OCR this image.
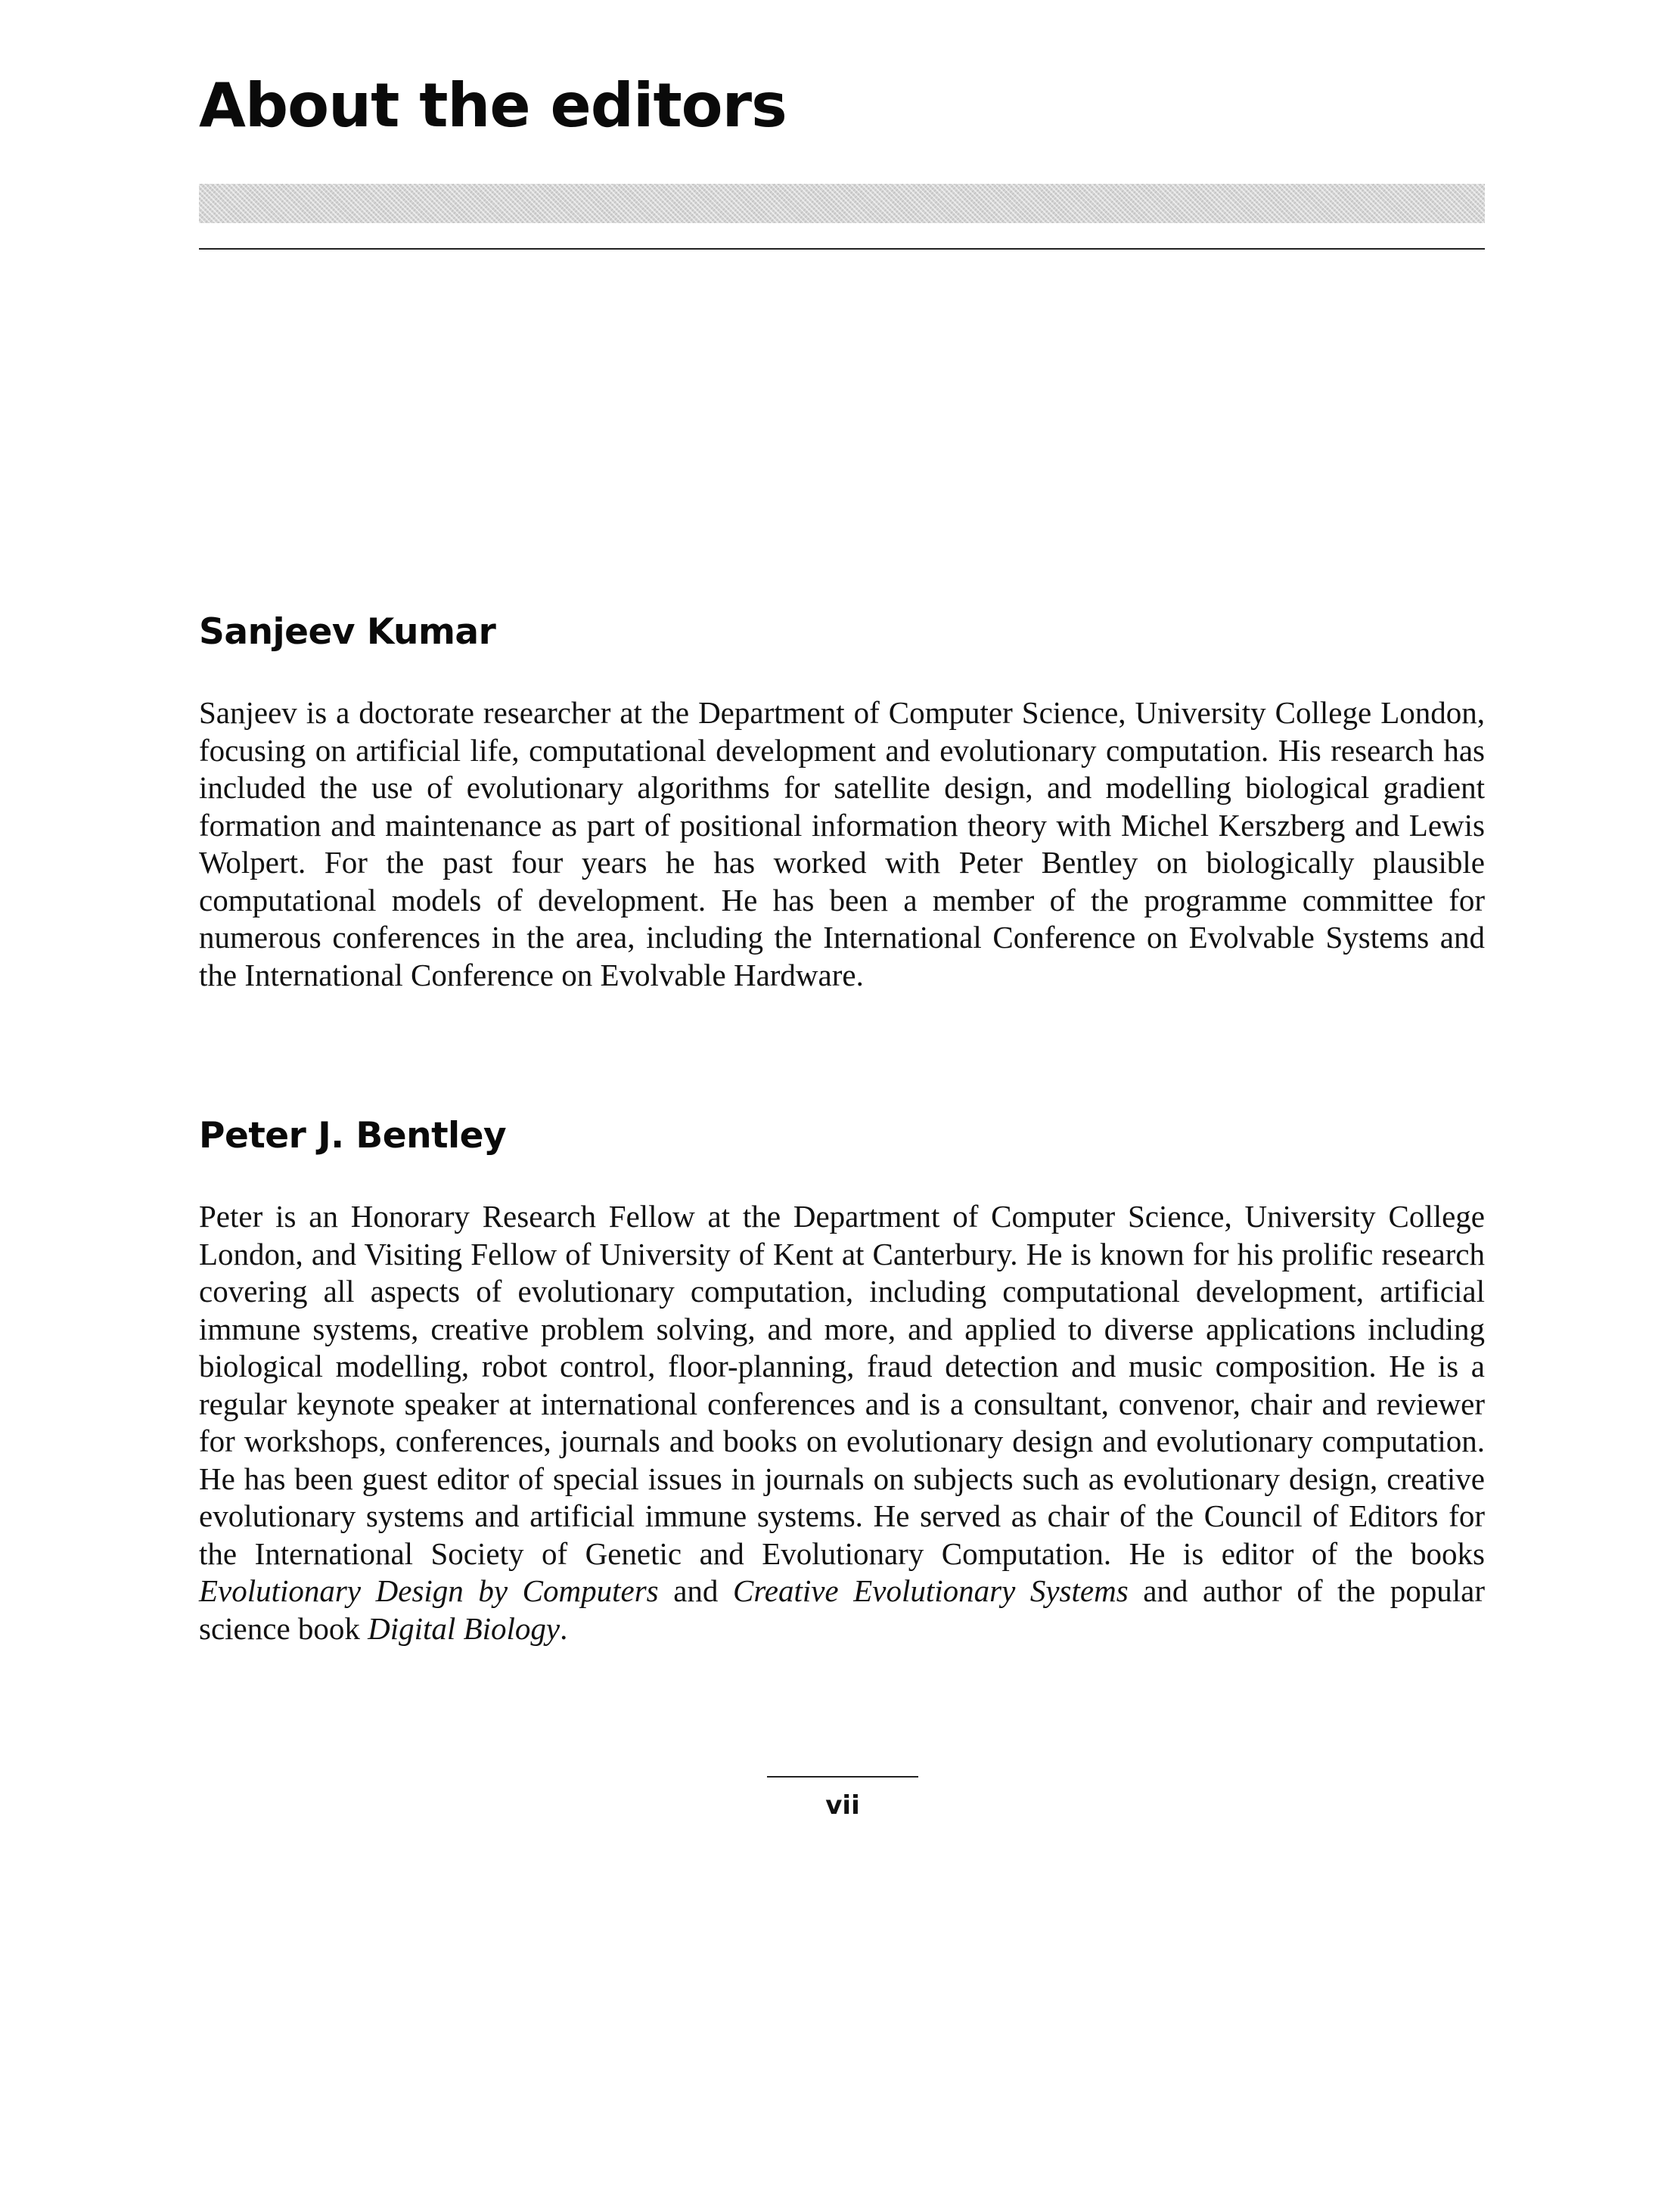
About the editors
Sanjeev Kumar

Sanjeev is a doctorate researcher at the Department of Computer Science, University College London, focusing on artificial life, computational development and evolutionary computation. His research has included the use of evolutionary algorithms for satellite design, and modelling biological gradient formation and maintenance as part of positional information theory with Michel Kerszberg and Lewis Wolpert. For the past four years he has worked with Peter Bentley on biologically plausible computational models of development. He has been a member of the programme committee for numerous conferences in the area, including the International Conference on Evolvable Systems and the International Conference on Evolvable Hardware.

Peter J. Bentley

Peter is an Honorary Research Fellow at the Department of Computer Science, University College London, and Visiting Fellow of University of Kent at Canterbury. He is known for his prolific research covering all aspects of evolutionary computation, including computational development, artificial immune systems, creative problem solving, and more, and applied to diverse applications including biological modelling, robot control, floor-planning, fraud detection and music composition. He is a regular keynote speaker at international conferences and is a consultant, convenor, chair and reviewer for workshops, conferences, journals and books on evolutionary design and evolutionary computation. He has been guest editor of special issues in journals on subjects such as evolutionary design, creative evolutionary systems and artificial immune systems. He served as chair of the Council of Editors for the International Society of Genetic and Evolutionary Computation. He is editor of the books Evolutionary Design by Computers and Creative Evolutionary Systems and author of the popular science book Digital Biology.

vii
